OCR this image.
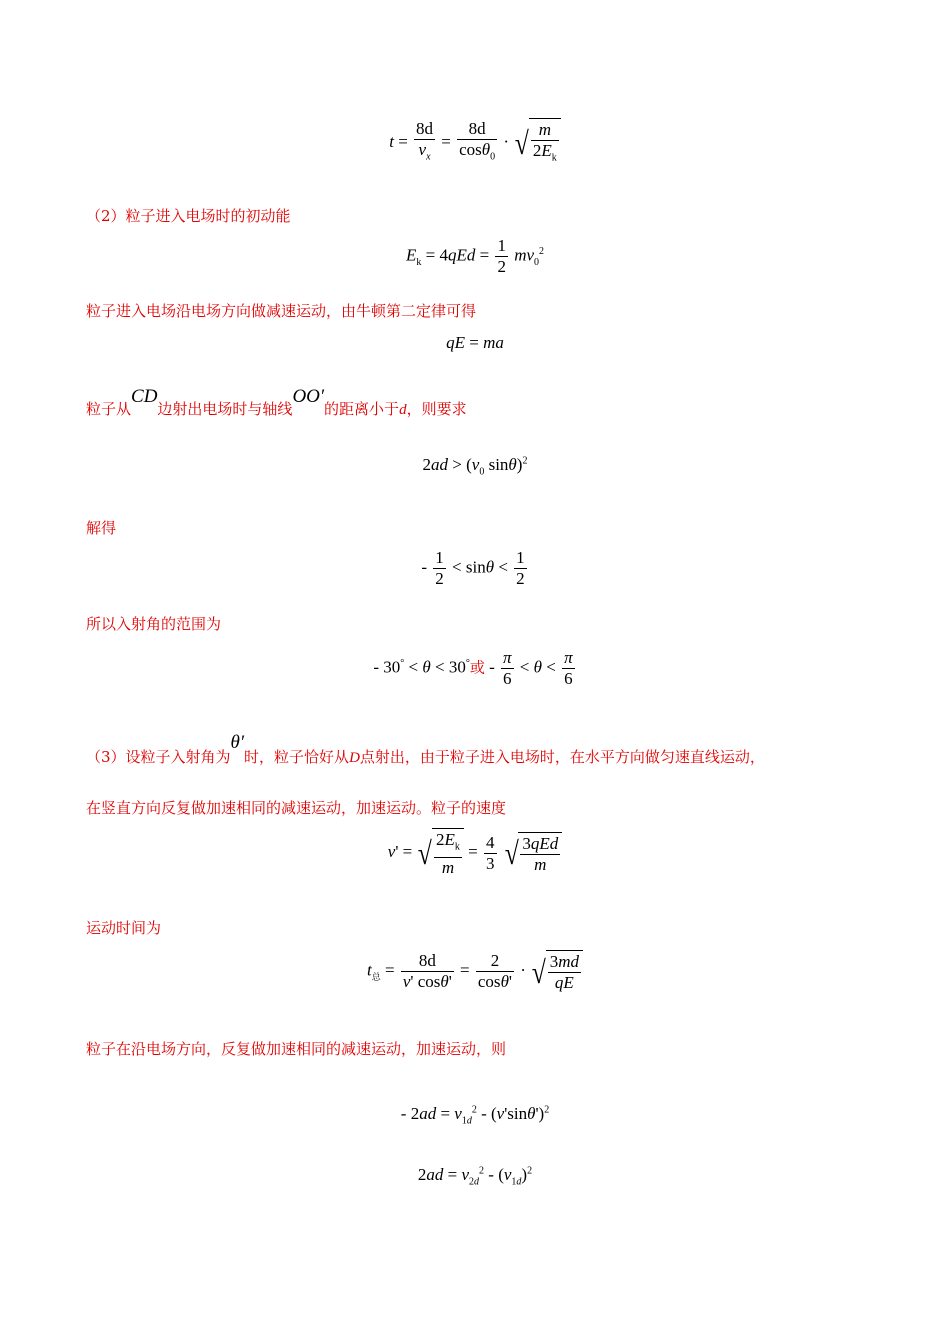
$t = \frac{8d}{v_x} = \frac{8d}{\cos\theta_0}$ · √ $\frac{m}{2E_k}$
（2）粒子进入电场时的初动能
$E_k = 4qEd = \frac{1}{2} mv_0^2$
粒子进入电场沿电场方向做减速运动，由牛顿第二定律可得
qE = ma
粒子从CD边射出电场时与轴线OO′的距离小于d，则要求
$2ad > (v_0$ sinθ)$^2$
解得
- $\frac{1}{2} < \sin\theta < \frac{1}{2}$
所以入射角的范围为
- 30° < θ < 30°或 - $\frac{\pi}{6} < \theta < \frac{\pi}{6}$
（3）设粒子入射角为θ′时，粒子恰好从D点射出，由于粒子进入电场时，在水平方向做匀速直线运动，
在竖直方向反复做加速相同的减速运动，加速运动。粒子的速度
v' = √ $\frac{2E_k}{m} = \frac{4}{3}$ √ $\frac{\text{3qEd}}{m}$
运动时间为
$t_总 = \frac{8d}{v' \cos\theta'} = \frac{2}{\cos\theta'}$ · √ $\frac{3md}{qE}$
粒子在沿电场方向，反复做加速相同的减速运动，加速运动，则
- $2ad = v_{1d}^2 - (v'\sin\theta')^2$
$2ad = v_{2d}^2 - (v_{1d})^2$
